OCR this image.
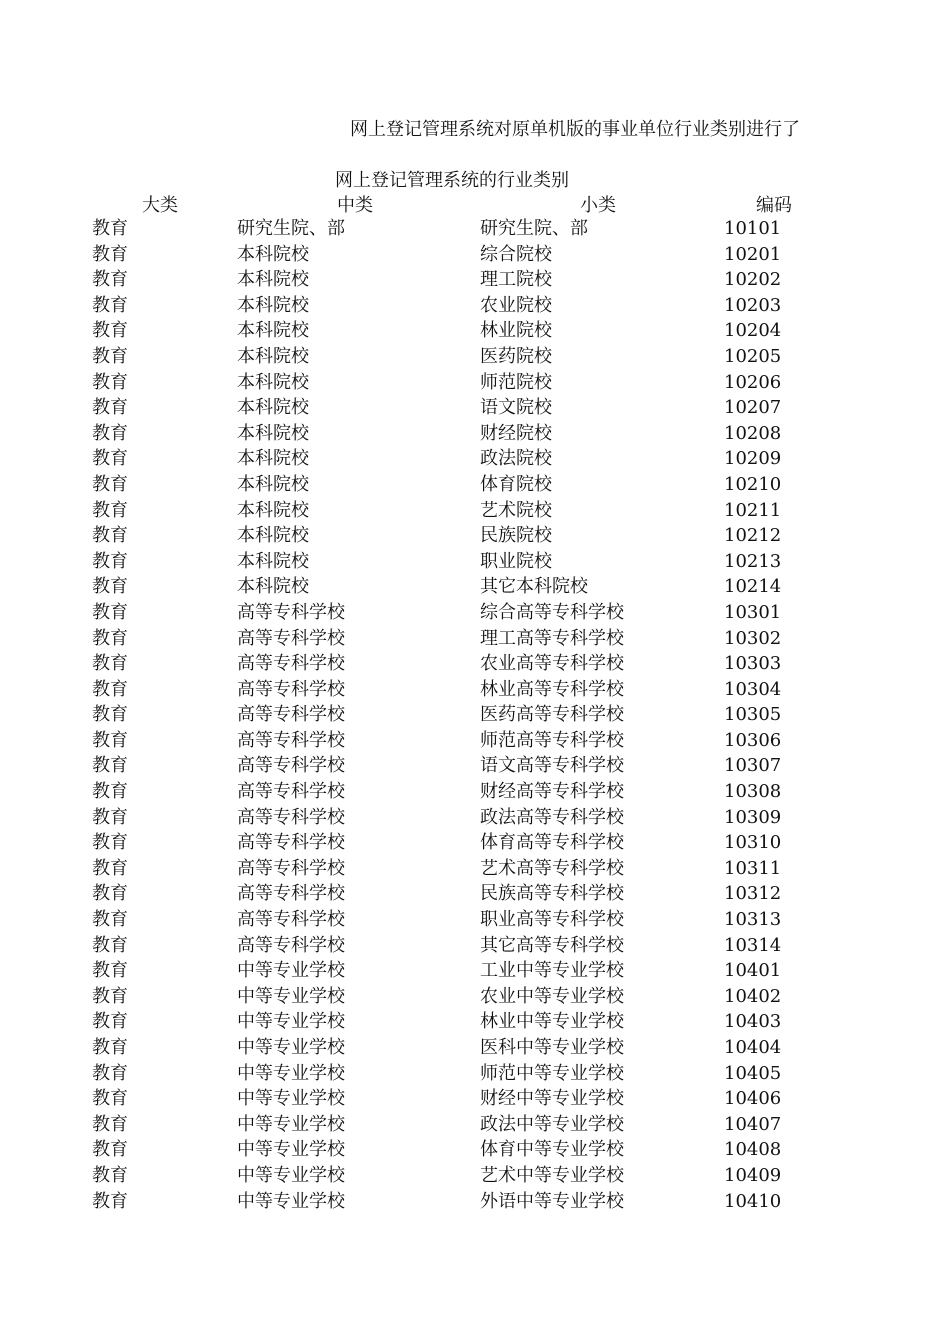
网上登记管理系统对原单机版的事业单位行业类别进行了
网上登记管理系统的行业类别
大类	中类	小类	编码
教育	研究生院、部	研究生院、部	10101
教育	本科院校	综合院校	10201
教育	本科院校	理工院校	10202
教育	本科院校	农业院校	10203
教育	本科院校	林业院校	10204
教育	本科院校	医药院校	10205
教育	本科院校	师范院校	10206
教育	本科院校	语文院校	10207
教育	本科院校	财经院校	10208
教育	本科院校	政法院校	10209
教育	本科院校	体育院校	10210
教育	本科院校	艺术院校	10211
教育	本科院校	民族院校	10212
教育	本科院校	职业院校	10213
教育	本科院校	其它本科院校	10214
教育	高等专科学校	综合高等专科学校	10301
教育	高等专科学校	理工高等专科学校	10302
教育	高等专科学校	农业高等专科学校	10303
教育	高等专科学校	林业高等专科学校	10304
教育	高等专科学校	医药高等专科学校	10305
教育	高等专科学校	师范高等专科学校	10306
教育	高等专科学校	语文高等专科学校	10307
教育	高等专科学校	财经高等专科学校	10308
教育	高等专科学校	政法高等专科学校	10309
教育	高等专科学校	体育高等专科学校	10310
教育	高等专科学校	艺术高等专科学校	10311
教育	高等专科学校	民族高等专科学校	10312
教育	高等专科学校	职业高等专科学校	10313
教育	高等专科学校	其它高等专科学校	10314
教育	中等专业学校	工业中等专业学校	10401
教育	中等专业学校	农业中等专业学校	10402
教育	中等专业学校	林业中等专业学校	10403
教育	中等专业学校	医科中等专业学校	10404
教育	中等专业学校	师范中等专业学校	10405
教育	中等专业学校	财经中等专业学校	10406
教育	中等专业学校	政法中等专业学校	10407
教育	中等专业学校	体育中等专业学校	10408
教育	中等专业学校	艺术中等专业学校	10409
教育	中等专业学校	外语中等专业学校	10410
